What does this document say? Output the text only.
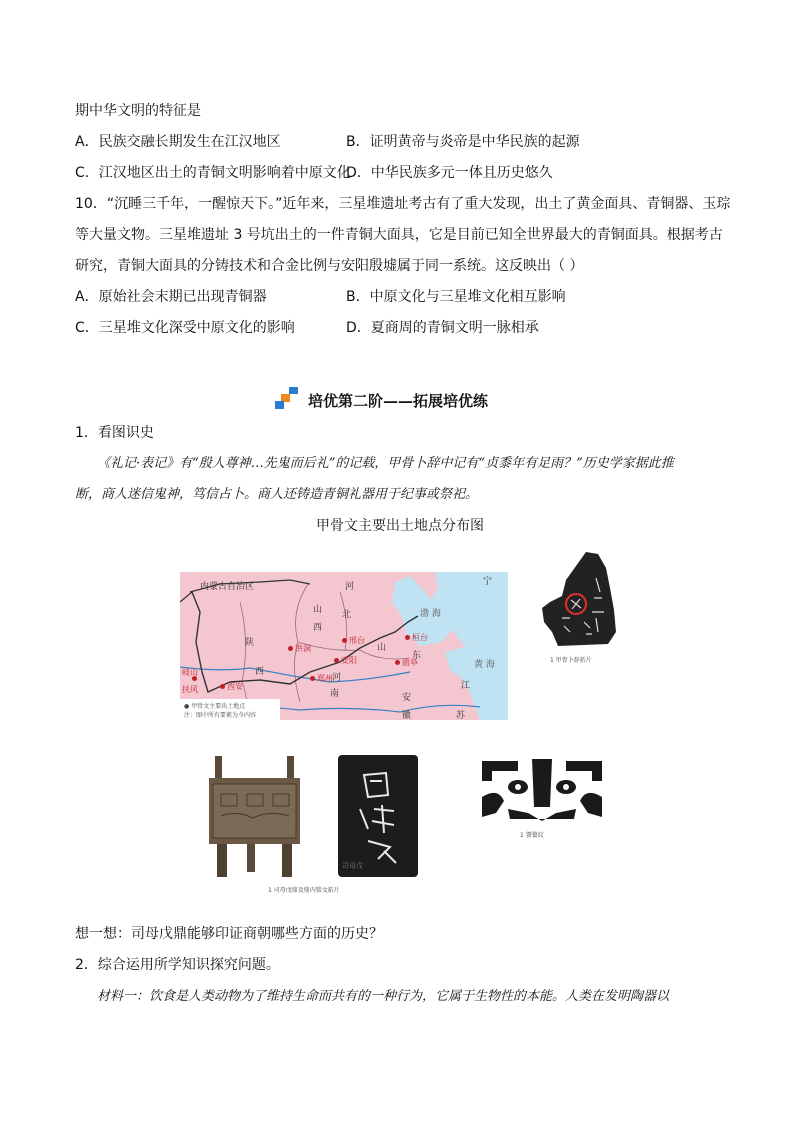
期中华文明的特征是
A．民族交融长期发生在江汉地区	B．证明黄帝与炎帝是中华民族的起源
C．江汉地区出土的青铜文明影响着中原文化
D．中华民族多元一体且历史悠久
10．“沉睡三千年，一醒惊天下。”近年来，三星堆遗址考古有了重大发现，出土了黄金面具、青铜器、玉琮
等大量文物。三星堆遗址 3 号坑出土的一件青铜大面具，它是目前已知全世界最大的青铜面具。根据考古
研究，青铜大面具的分铸技术和合金比例与安阳殷墟属于同一系统。这反映出（ ）
A．原始社会末期已出现青铜器	B．中原文化与三星堆文化相互影响
C．三星堆文化深受中原文化的影响	D．夏商周的青铜文明一脉相承
培优第二阶——拓展培优练
1．看图识史
《礼记·表记》有“殷人尊神…先鬼而后礼”的记载，甲骨卜辞中记有“贞黍年有足雨？”历史学家据此推
断，商人迷信鬼神，笃信占卜。商人还铸造青铜礼器用于纪事或祭祀。
甲骨文主要出土地点分布图
内蒙古自治区	河
北
宁
山
西
陕
西
河
南
山
东
江
苏
安
徽
渤 海
黄 海
洪洞
邢台
安阳
桓台
曲阜
郑州
西安
岐山
扶风
● 甲骨文主要出土地点
注：图中所有要素为今内容
1 甲骨卜辞拓片
司母戊
1 司母戊鼎及鼎内铭文拓片
1 饕餮纹
想一想：司母戊鼎能够印证商朝哪些方面的历史？
2．综合运用所学知识探究问题。
材料一：饮食是人类动物为了维持生命而共有的一种行为，它属于生物性的本能。人类在发明陶器以
